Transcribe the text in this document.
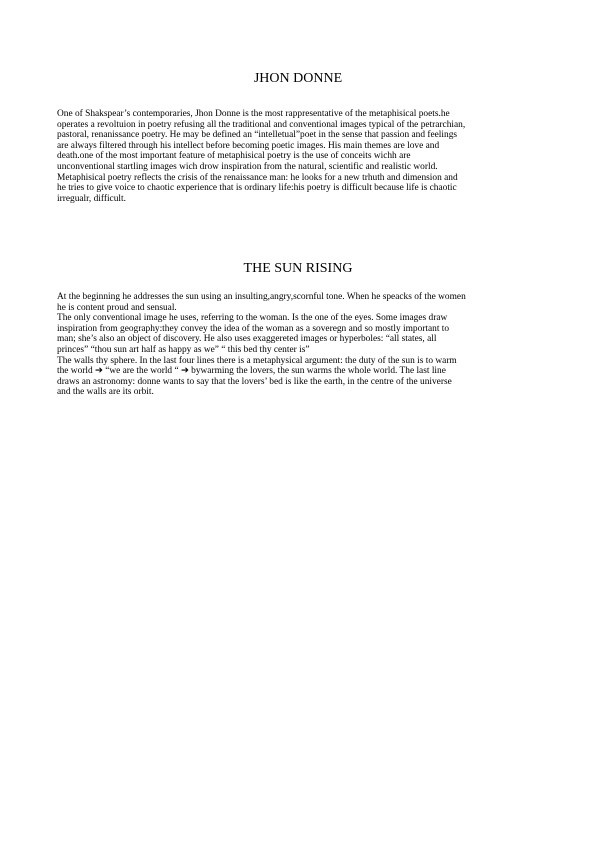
JHON DONNE
One of Shakspear’s contemporaries, Jhon Donne is the most rappresentative of the metaphisical poets.he
operates a revoltuion in poetry refusing all the traditional and conventional images typical of the petrarchian,
pastoral, renanissance poetry. He may be defined an “intelletual”poet in the sense that passion and feelings
are always filtered through his intellect before becoming poetic images. His main themes are love and
death.one of the most important feature of metaphisical poetry is the use of conceits wichh are
unconventional startling images wich drow inspiration from the natural, scientific and realistic world.
Metaphisical poetry reflects the crisis of the renaissance man: he looks for a new trhuth and dimension and
he tries to give voice to chaotic experience that is ordinary life:his poetry is difficult because life is chaotic
irregualr, difficult.
THE SUN RISING
At the beginning he addresses the sun using an insulting,angry,scornful tone. When he speacks of the women
he is content proud and sensual.
The only conventional image he uses, referring to the woman. Is the one of the eyes. Some images draw
inspiration from geography:they convey the idea of the woman as a soveregn and so mostly important to
man; she’s also an object of discovery. He also uses exaggereted images or hyperboles: “all states, all
princes” “thou sun art half as happy as we” “ this bed thy center is”
The walls thy sphere. In the last four lines there is a metaphysical argument: the duty of the sun is to warm
the world ➔ “we are the world “ ➔ bywarming the lovers, the sun warms the whole world. The last line
draws an astronomy: donne wants to say that the lovers’ bed is like the earth, in the centre of the universe
and the walls are its orbit.
